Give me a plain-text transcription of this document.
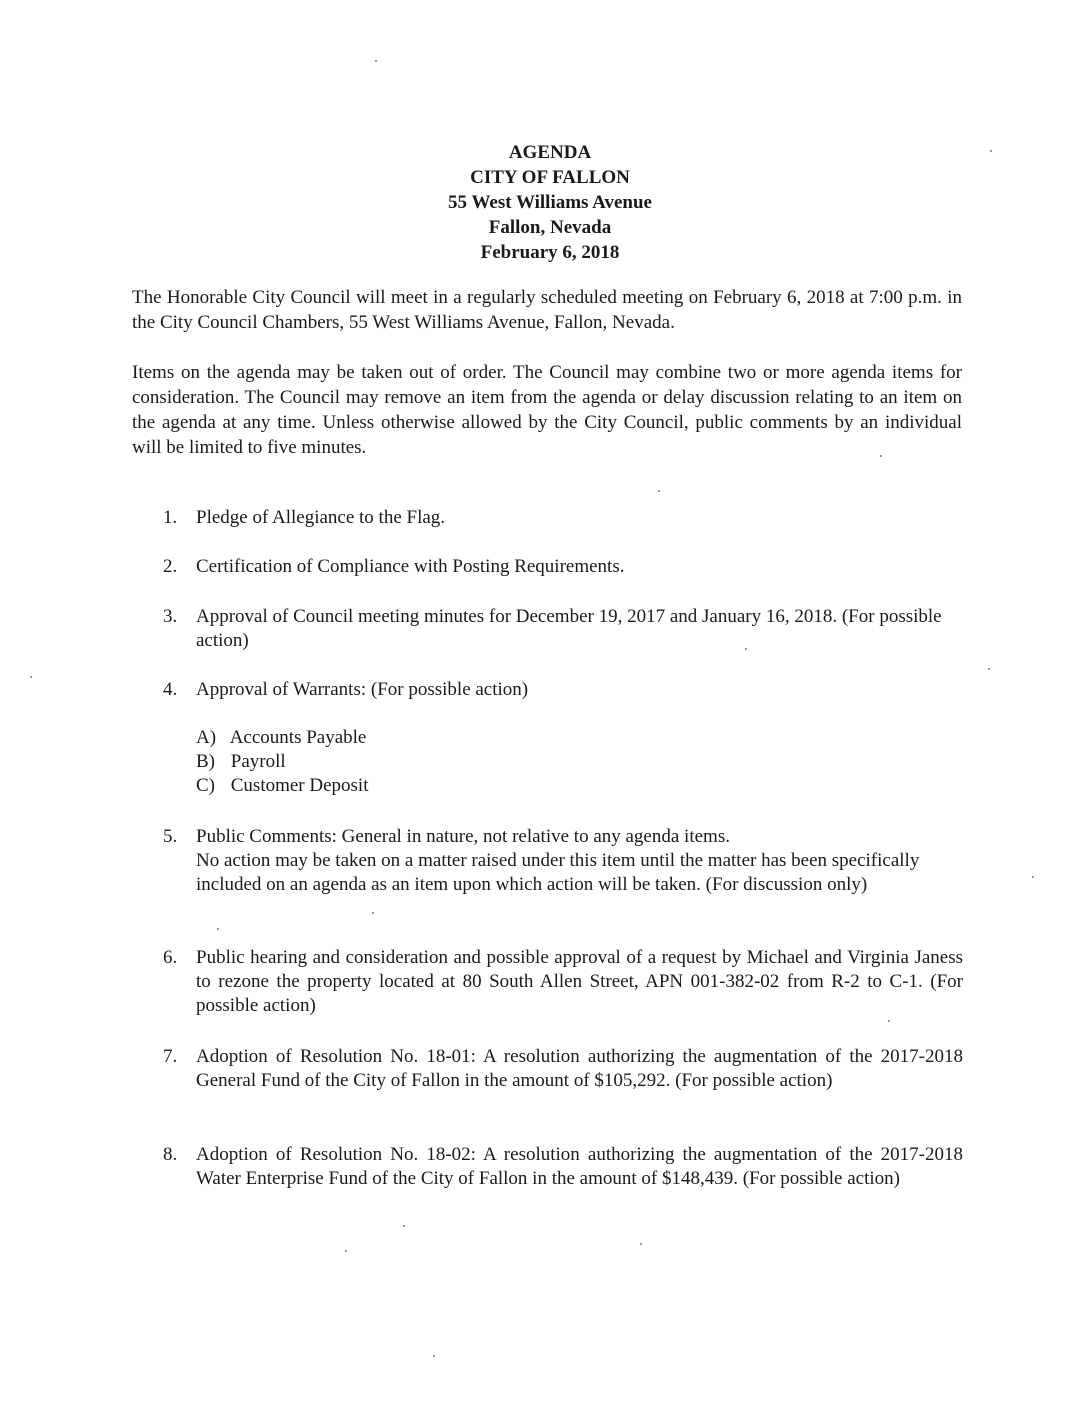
AGENDA
CITY OF FALLON
55 West Williams Avenue
Fallon, Nevada
February 6, 2018
The Honorable City Council will meet in a regularly scheduled meeting on February 6, 2018 at 7:00 p.m. in the City Council Chambers, 55 West Williams Avenue, Fallon, Nevada.
Items on the agenda may be taken out of order. The Council may combine two or more agenda items for consideration. The Council may remove an item from the agenda or delay discussion relating to an item on the agenda at any time. Unless otherwise allowed by the City Council, public comments by an individual will be limited to five minutes.
1. Pledge of Allegiance to the Flag.
2. Certification of Compliance with Posting Requirements.
3. Approval of Council meeting minutes for December 19, 2017 and January 16, 2018. (For possible action)
4. Approval of Warrants: (For possible action)
A) Accounts Payable
B) Payroll
C) Customer Deposit
5. Public Comments: General in nature, not relative to any agenda items.
No action may be taken on a matter raised under this item until the matter has been specifically included on an agenda as an item upon which action will be taken. (For discussion only)
6. Public hearing and consideration and possible approval of a request by Michael and Virginia Janess to rezone the property located at 80 South Allen Street, APN 001-382-02 from R-2 to C-1. (For possible action)
7. Adoption of Resolution No. 18-01: A resolution authorizing the augmentation of the 2017-2018 General Fund of the City of Fallon in the amount of $105,292. (For possible action)
8. Adoption of Resolution No. 18-02: A resolution authorizing the augmentation of the 2017-2018 Water Enterprise Fund of the City of Fallon in the amount of $148,439. (For possible action)
